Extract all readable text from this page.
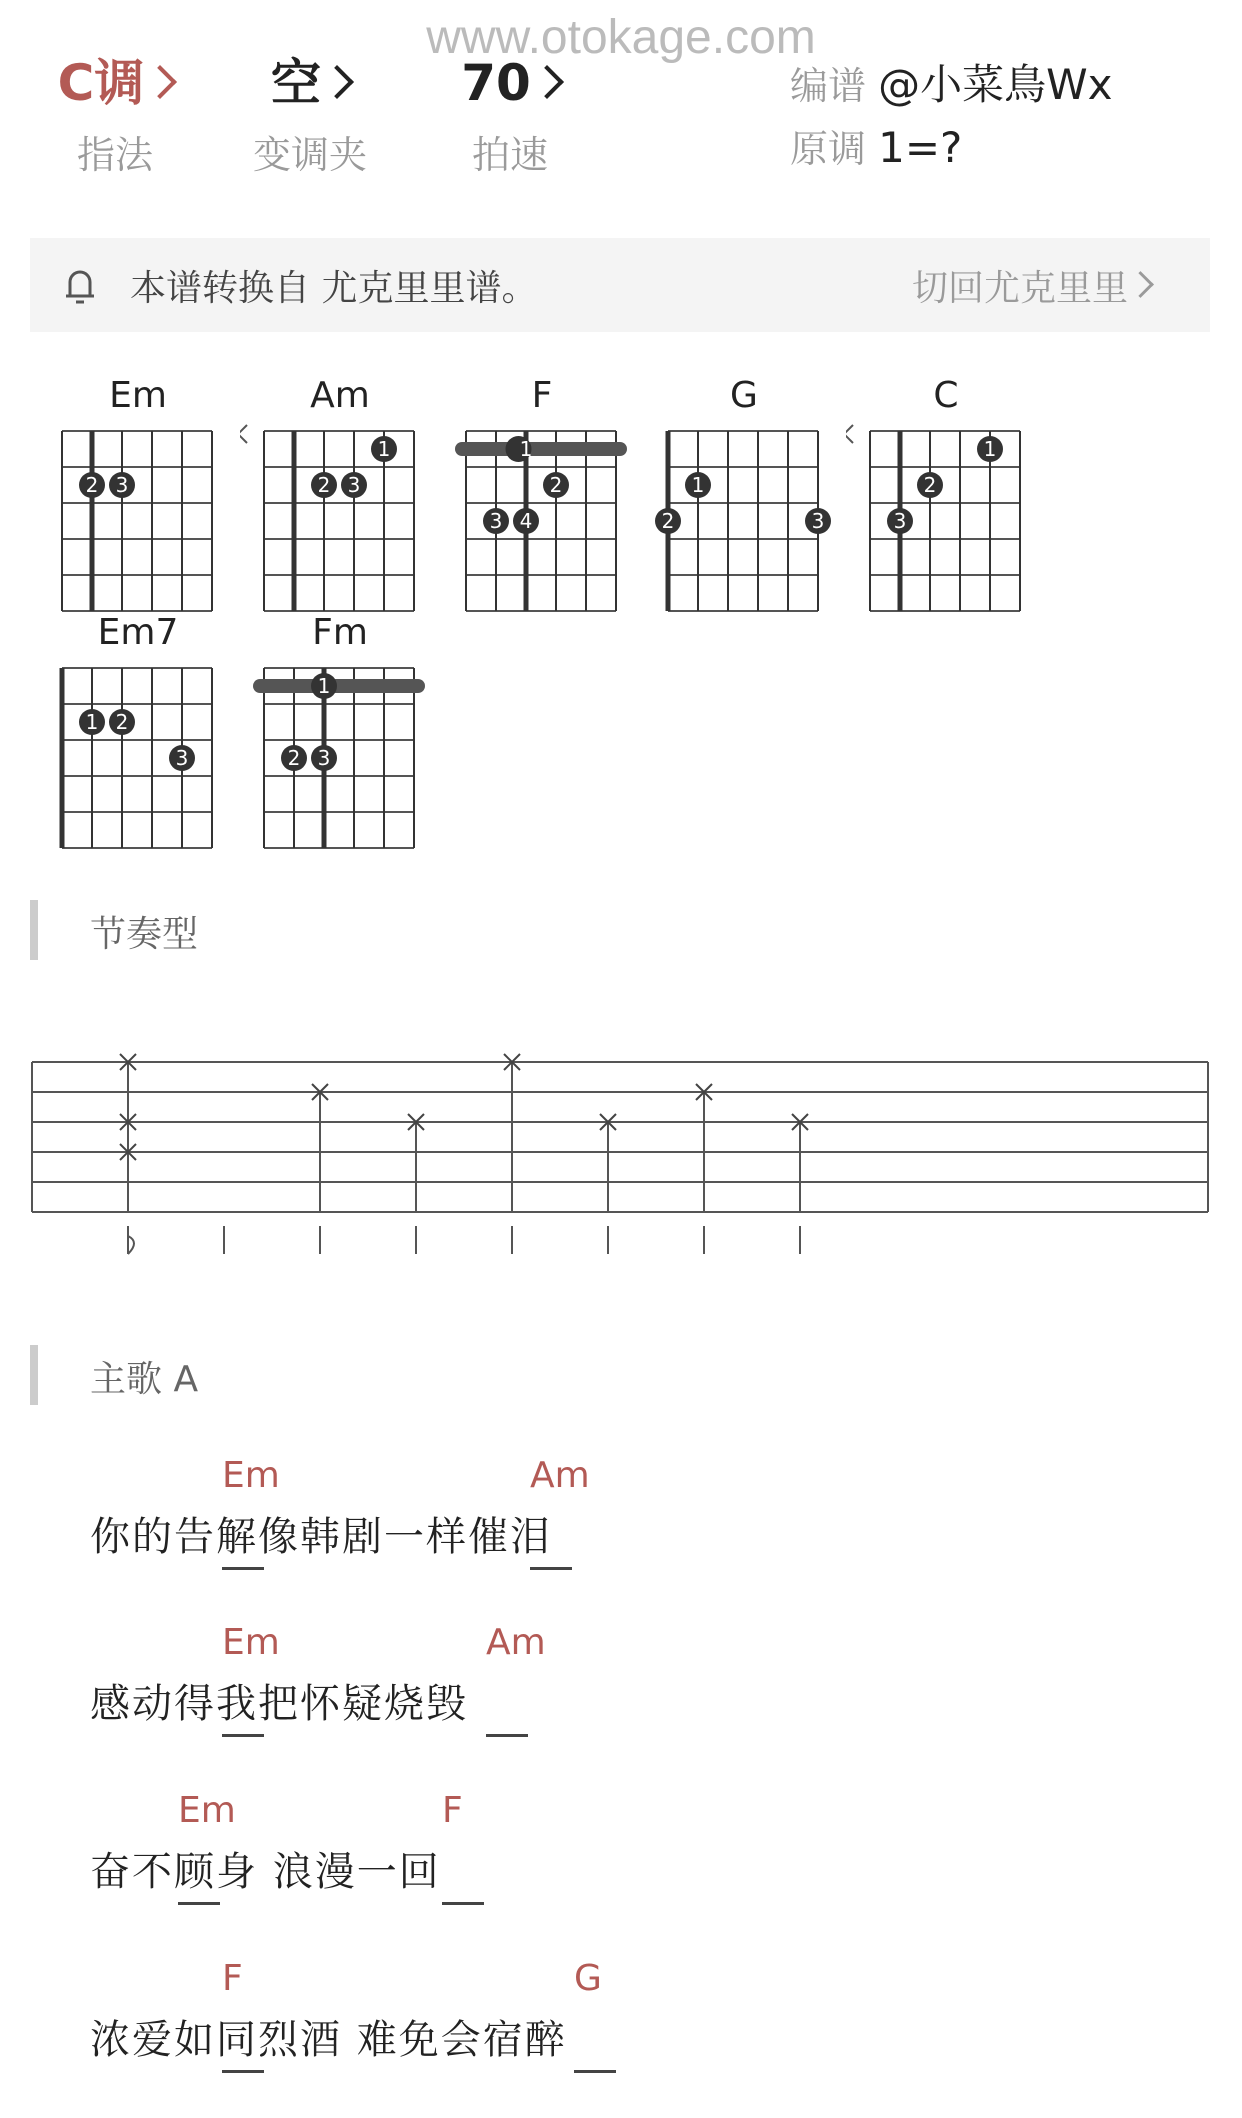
www.otokage.com
C调
指法
空
变调夹
70
拍速
编谱 @小菜鳥Wx
原调 1=?
本谱转换自 尤克里里谱。	切回尤克里里
Em
2 3
Am
1
2 3
F
1
2
3 4
G
1
2	3
C
1
2
3
Em7
1 2
3
Fm
1
2 3
节奏型
主歌 A
你的告解像韩剧一样催泪
Em	Am
感动得我把怀疑烧毁
Em	Am
奋不顾身 浪漫一回
Em	F
浓爱如同烈酒 难免会宿醉
F	G
